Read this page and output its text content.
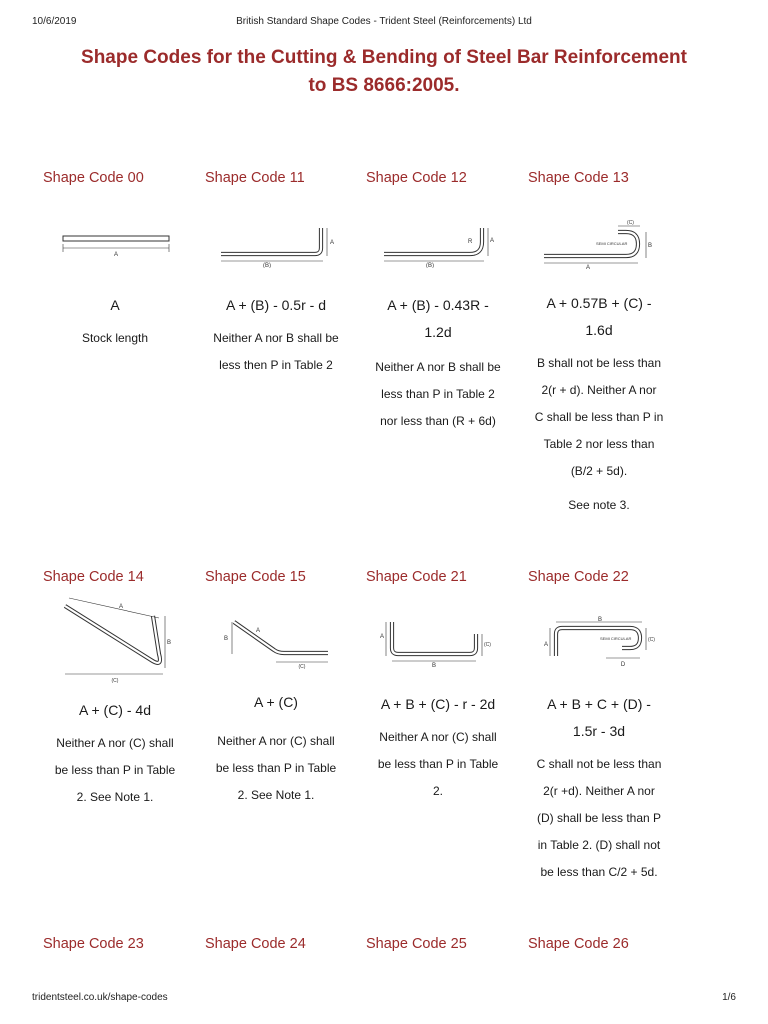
10/6/2019	British Standard Shape Codes - Trident Steel (Reinforcements) Ltd
Shape Codes for the Cutting & Bending of Steel Bar Reinforcement
to BS 8666:2005.
Shape Code 00	Shape Code 11	Shape Code 12	Shape Code 13
A
A
(B)
R	A
(B)
(C)
SEMI CIRCULAR	B
A
A	A + (B) - 0.5r - d	A + (B) - 0.43R -
1.2d
A + 0.57B + (C) -
1.6d
Stock length	Neither A nor B shall be
less then P in Table 2	Neither A nor B shall be
less than P in Table 2
nor less than (R + 6d)
B shall not be less than
2(r + d). Neither A nor
C shall be less than P in
Table 2 nor less than
(B/2 + 5d).
See note 3.
Shape Code 14	Shape Code 15	Shape Code 21	Shape Code 22
A
B
(C)
B
A
(C)
A
(C)
B
B
A
SEMI CIRCULAR	(C)
D
A + (C) - 4d	A + (C)	A + B + (C) - r - 2d	A + B + C + (D) -
1.5r - 3d
Neither A nor (C) shall
be less than P in Table
2. See Note 1.
Neither A nor (C) shall
be less than P in Table
2. See Note 1.
Neither A nor (C) shall
be less than P in Table
2.
C shall not be less than
2(r +d). Neither A nor
(D) shall be less than P
in Table 2. (D) shall not
be less than C/2 + 5d.
Shape Code 23	Shape Code 24	Shape Code 25	Shape Code 26
tridentsteel.co.uk/shape-codes	1/6
